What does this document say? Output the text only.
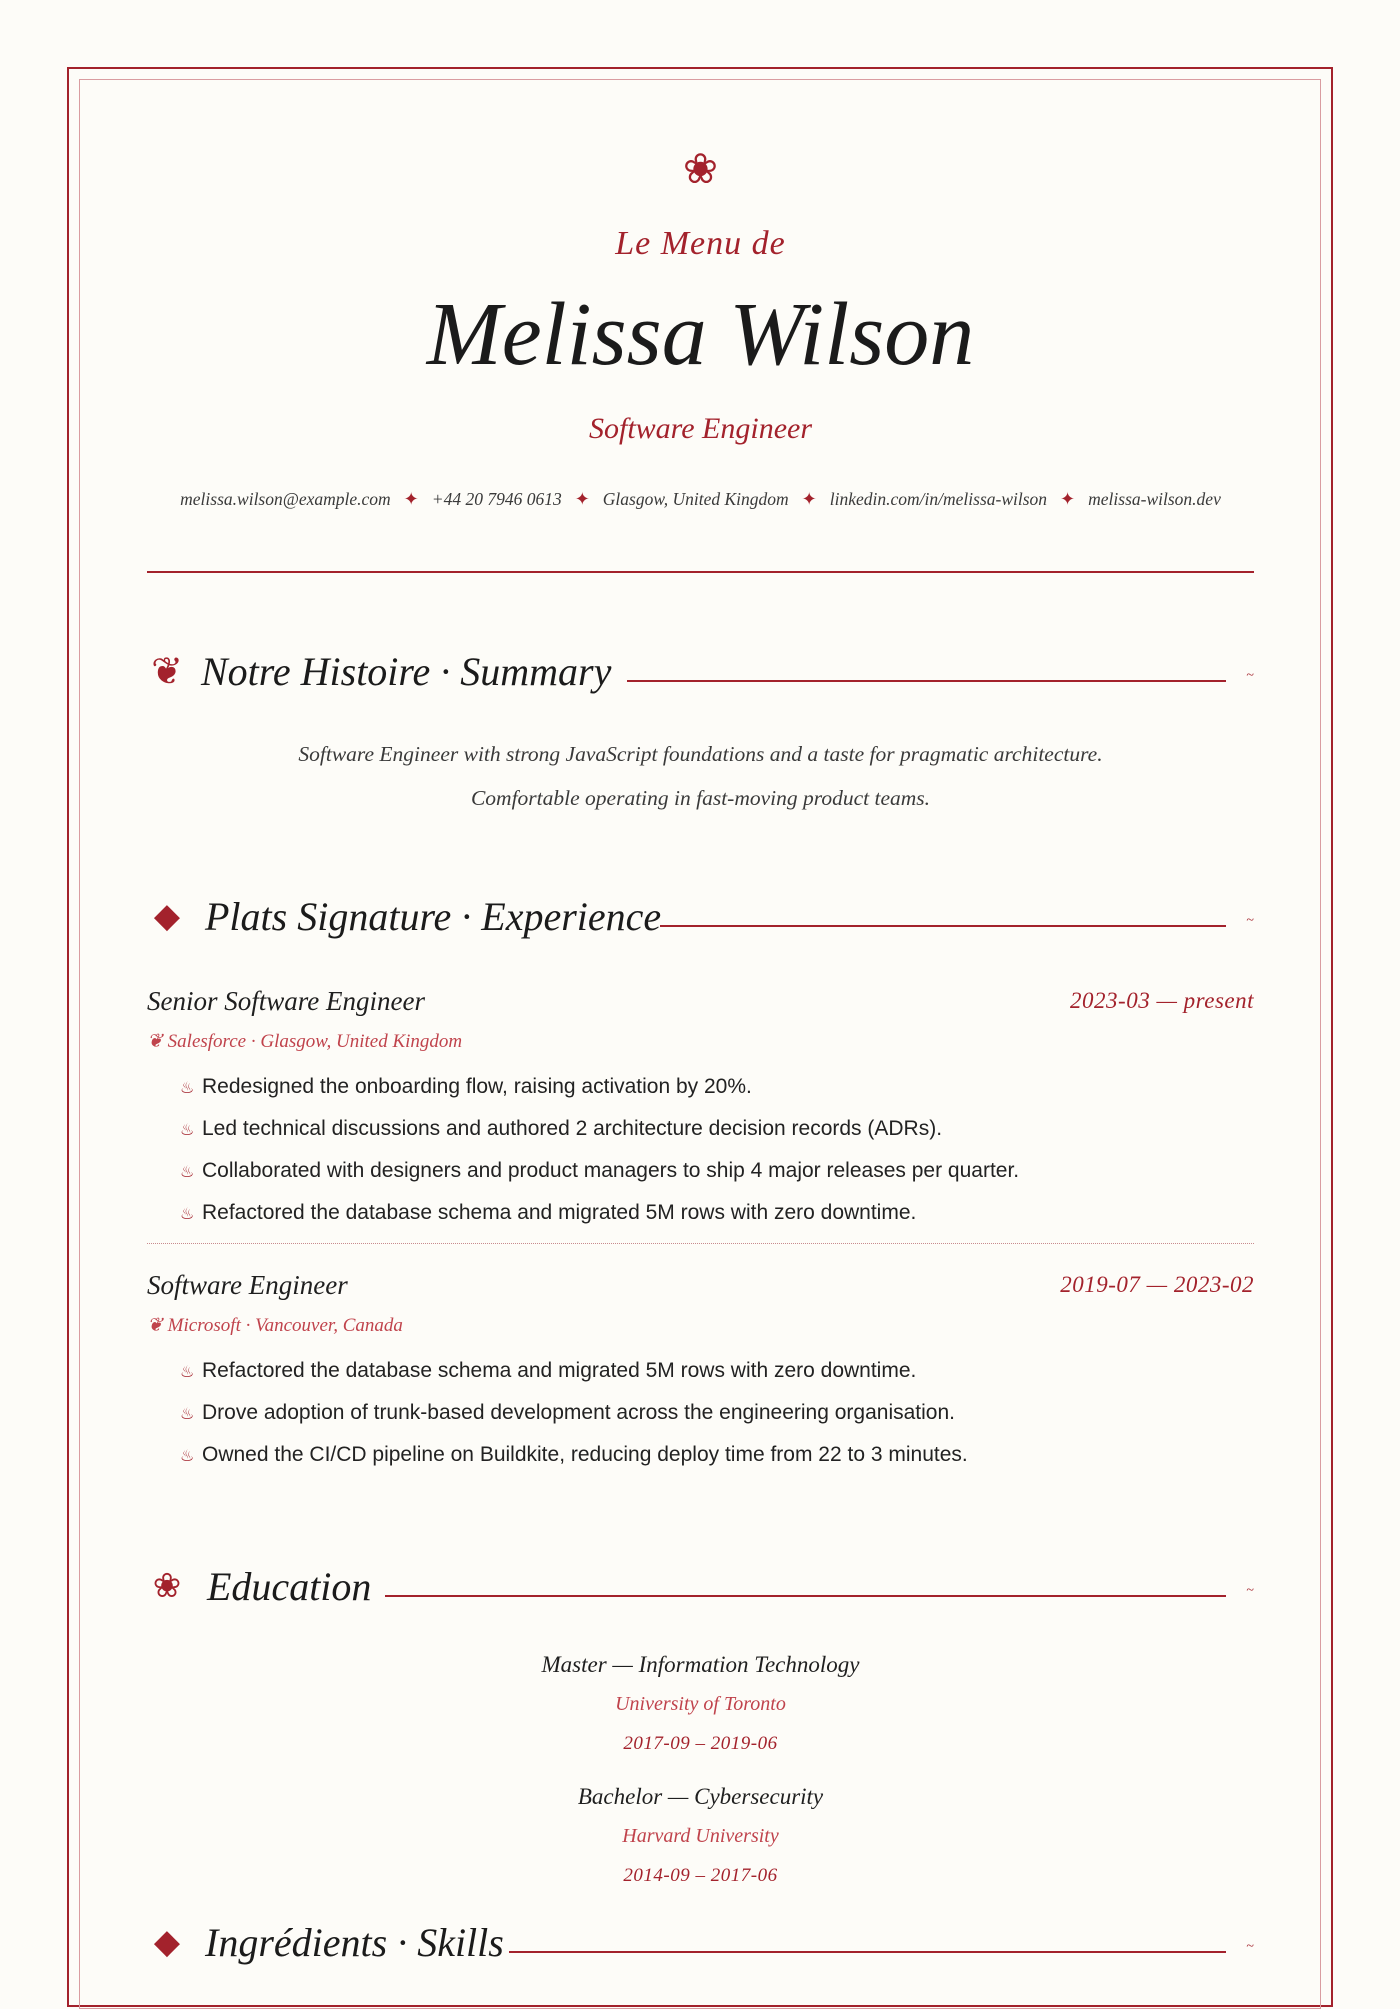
❀
Le Menu de
Melissa Wilson
Software Engineer
melissa.wilson@example.com ✦ +44 20 7946 0613 ✦ Glasgow, United Kingdom ✦ linkedin.com/in/melissa-wilson ✦ melissa-wilson.dev
❦ Notre Histoire · Summary	~
Software Engineer with strong JavaScript foundations and a taste for pragmatic architecture.
Comfortable operating in fast-moving product teams.
◆ Plats Signature · Experience	~
Senior Software Engineer	2023-03 — present
❦ Salesforce · Glasgow, United Kingdom
♨ Redesigned the onboarding flow, raising activation by 20%.
♨ Led technical discussions and authored 2 architecture decision records (ADRs).
♨ Collaborated with designers and product managers to ship 4 major releases per quarter.
♨ Refactored the database schema and migrated 5M rows with zero downtime.
Software Engineer	2019-07 — 2023-02
❦ Microsoft · Vancouver, Canada
♨ Refactored the database schema and migrated 5M rows with zero downtime.
♨ Drove adoption of trunk-based development across the engineering organisation.
♨ Owned the CI/CD pipeline on Buildkite, reducing deploy time from 22 to 3 minutes.
❀ Education	~
Master — Information Technology
University of Toronto
2017-09 – 2019-06
Bachelor — Cybersecurity
Harvard University
2014-09 – 2017-06
◆ Ingrédients · Skills	~
